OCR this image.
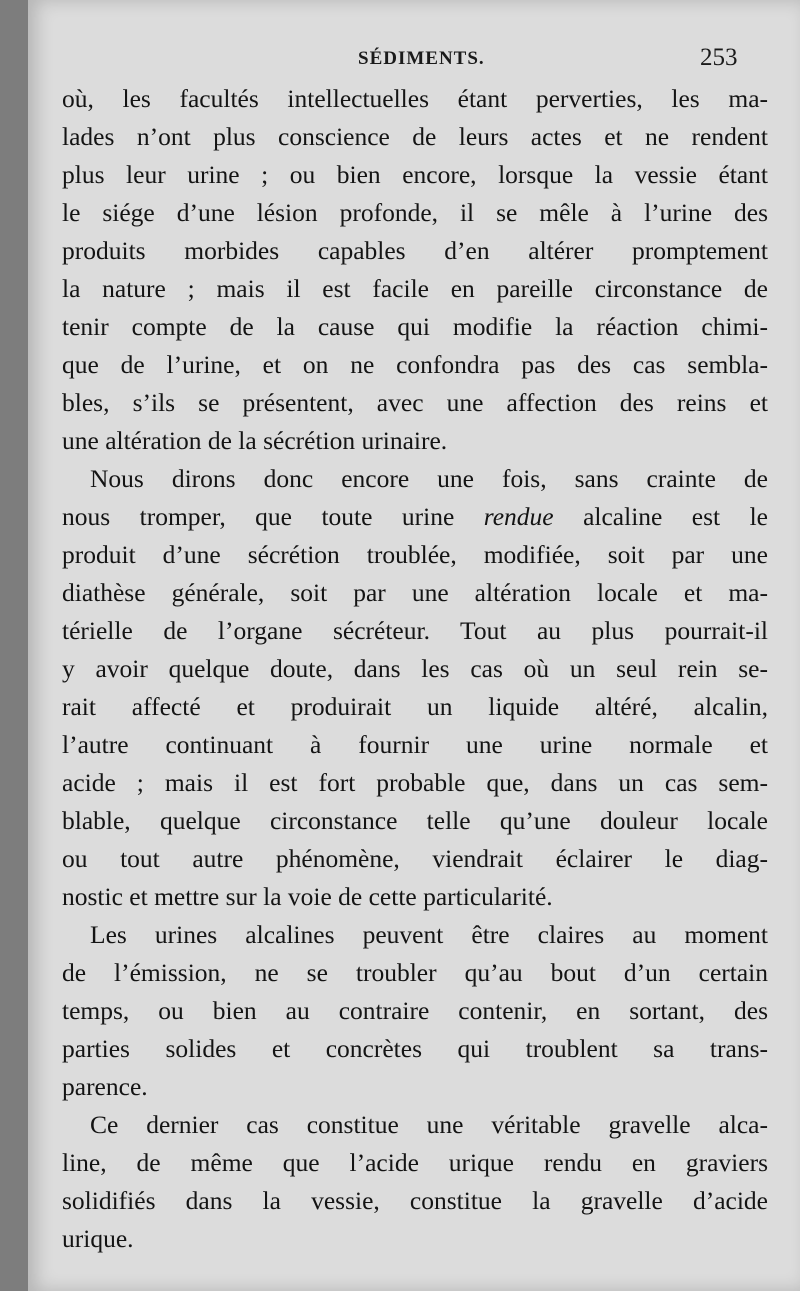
SÉDIMENTS.	253
où, les facultés intellectuelles étant perverties, les ma-
lades n’ont plus conscience de leurs actes et ne rendent
plus leur urine ; ou bien encore, lorsque la vessie étant
le siége d’une lésion profonde, il se mêle à l’urine des
produits morbides capables d’en altérer promptement
la nature ; mais il est facile en pareille circonstance de
tenir compte de la cause qui modifie la réaction chimi-
que de l’urine, et on ne confondra pas des cas sembla-
bles, s’ils se présentent, avec une affection des reins et
une altération de la sécrétion urinaire.
Nous dirons donc encore une fois, sans crainte de
nous tromper, que toute urine rendue alcaline est le
produit d’une sécrétion troublée, modifiée, soit par une
diathèse générale, soit par une altération locale et ma-
térielle de l’organe sécréteur. Tout au plus pourrait-il
y avoir quelque doute, dans les cas où un seul rein se-
rait affecté et produirait un liquide altéré, alcalin,
l’autre continuant à fournir une urine normale et
acide ; mais il est fort probable que, dans un cas sem-
blable, quelque circonstance telle qu’une douleur locale
ou tout autre phénomène, viendrait éclairer le diag-
nostic et mettre sur la voie de cette particularité.
Les urines alcalines peuvent être claires au moment
de l’émission, ne se troubler qu’au bout d’un certain
temps, ou bien au contraire contenir, en sortant, des
parties solides et concrètes qui troublent sa trans-
parence.
Ce dernier cas constitue une véritable gravelle alca-
line, de même que l’acide urique rendu en graviers
solidifiés dans la vessie, constitue la gravelle d’acide
urique.
